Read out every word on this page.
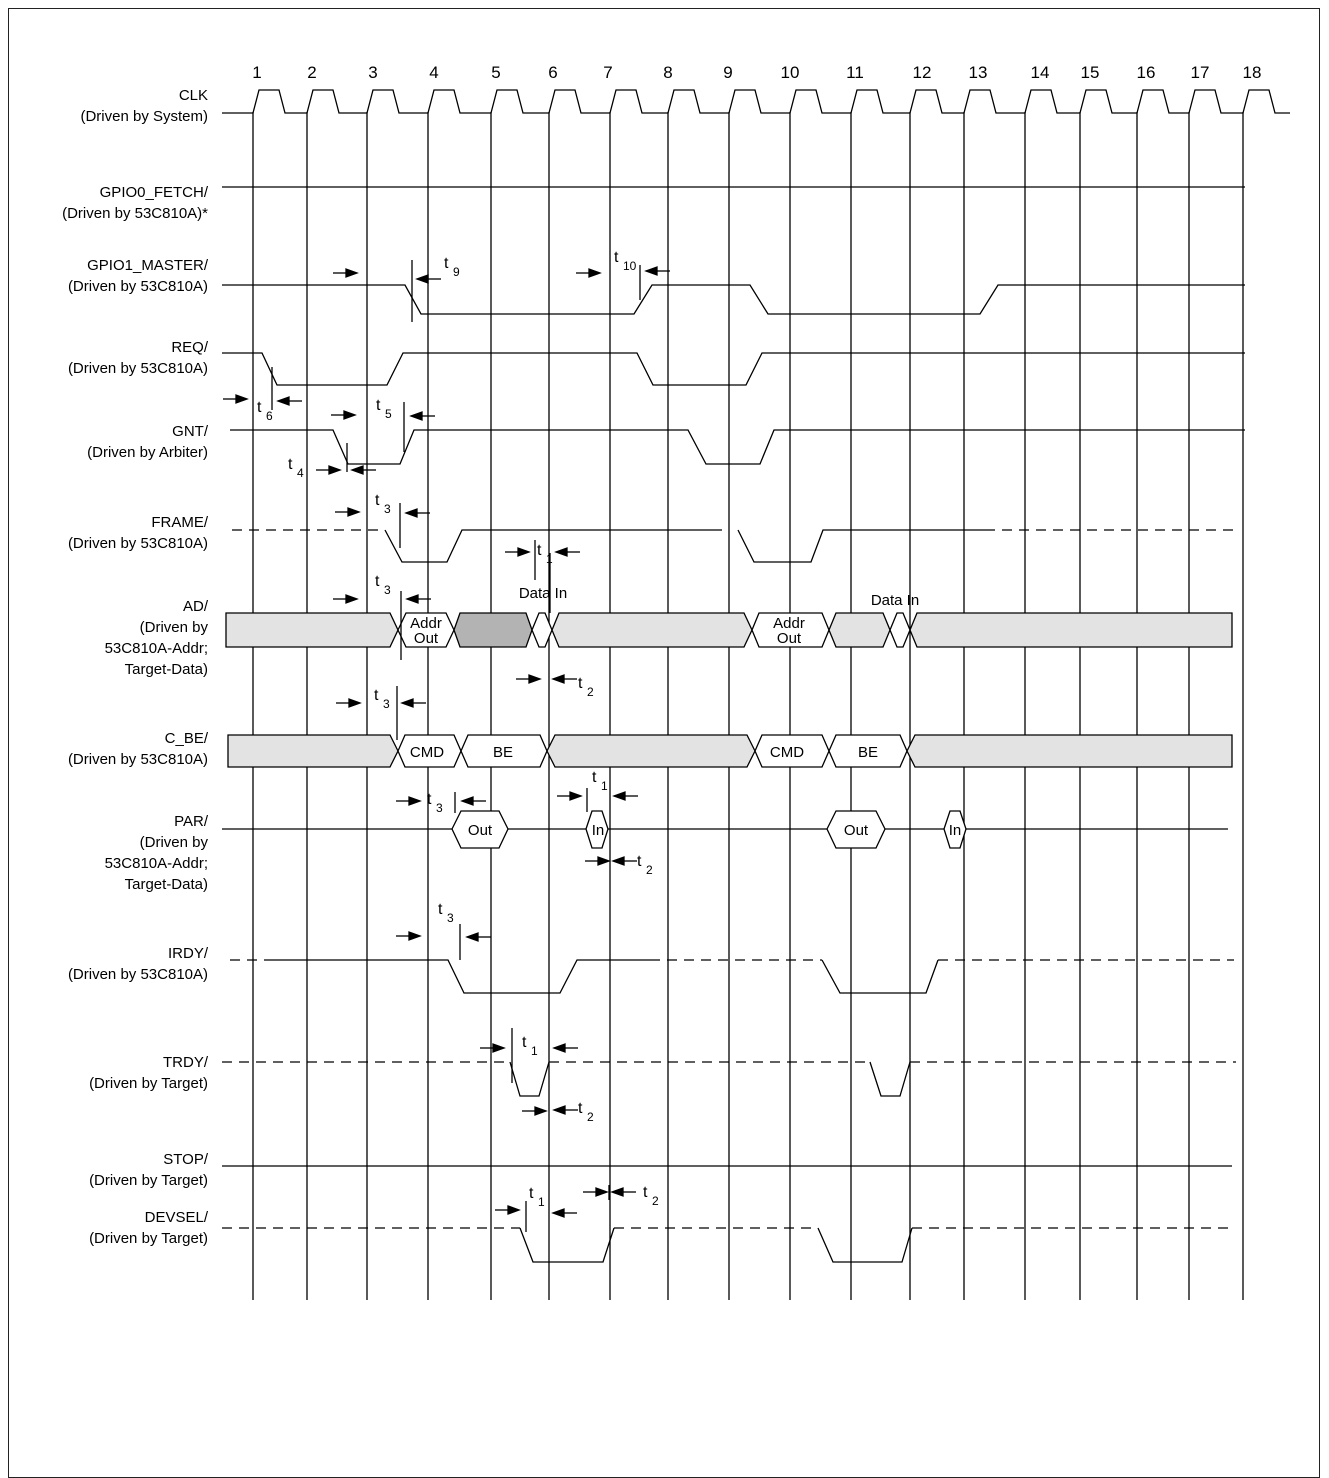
1	2	3	4	5	6	7	8	9	10	11	12 13	14 15 16 17 18
CLK
(Driven by System)
GPIO0_FETCH/
(Driven by 53C810A)*
GPIO1_MASTER/
(Driven by 53C810A)
REQ/
(Driven by 53C810A)
GNT/
(Driven by Arbiter)
FRAME/
(Driven by 53C810A)
AD/
(Driven by
53C810A-Addr;
Target-Data)
C_BE/
(Driven by 53C810A)
PAR/
(Driven by
53C810A-Addr;
Target-Data)
IRDY/
(Driven by 53C810A)
TRDY/
(Driven by Target)
STOP/
(Driven by Target)
DEVSEL/
(Driven by Target)
Addr
Out
Addr
Out
Data In	Data In
CMD	BE	CMD	BE
Out	In	Out	In
t 9
t 10
t 6
t 5
t 4
t 3
t 1
t 3
t 2
t 3
t 3
t 1
t 2
t 3
t 1
t 2
t 1
t 2
